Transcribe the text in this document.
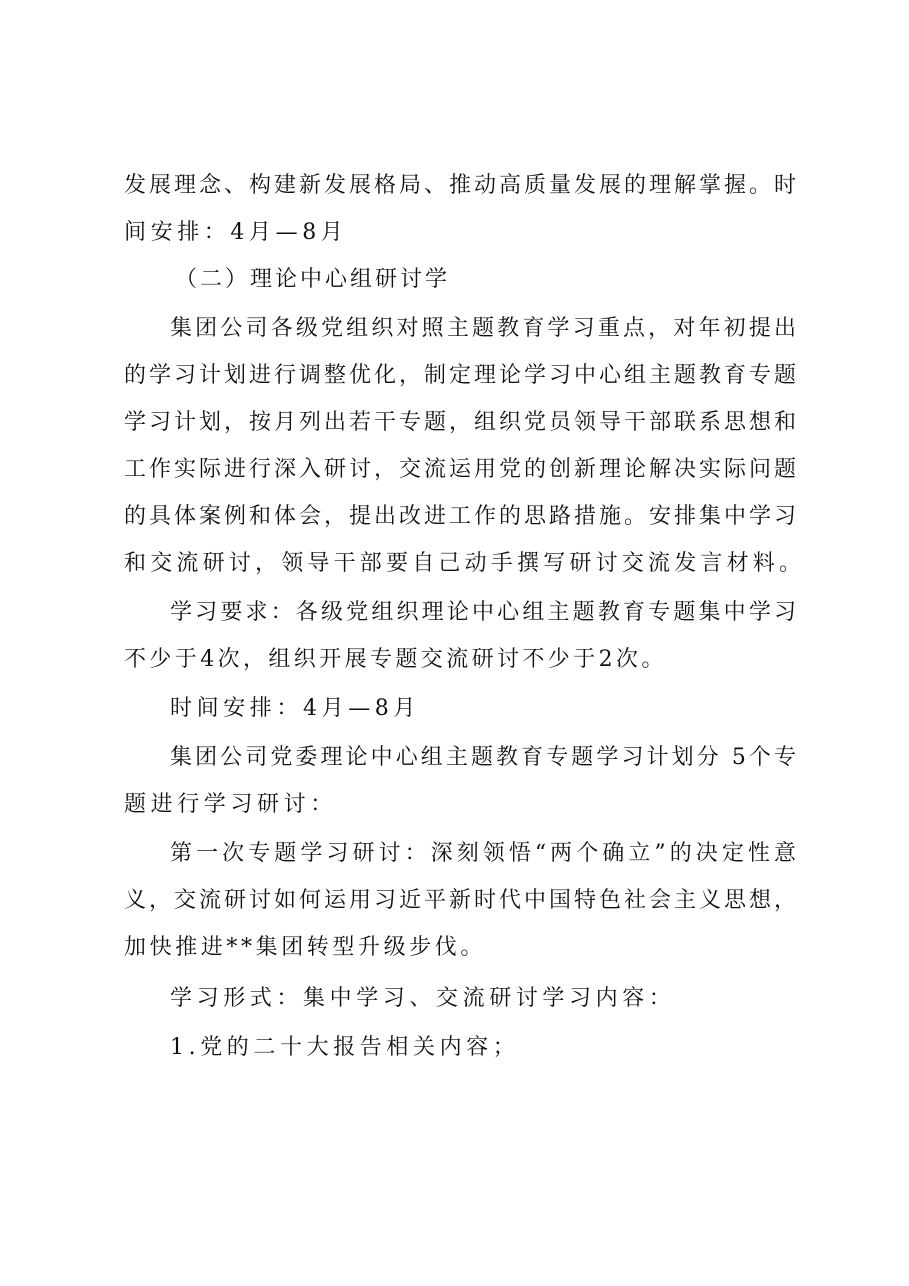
发展理念、构建新发展格局、推动高质量发展的理解掌握。时
间安排：4月—8月
（二）理论中心组研讨学
集团公司各级党组织对照主题教育学习重点，对年初提出
的学习计划进行调整优化，制定理论学习中心组主题教育专题
学习计划，按月列出若干专题，组织党员领导干部联系思想和
工作实际进行深入研讨，交流运用党的创新理论解决实际问题
的具体案例和体会，提出改进工作的思路措施。安排集中学习
和交流研讨，领导干部要自己动手撰写研讨交流发言材料。
学习要求：各级党组织理论中心组主题教育专题集中学习
不少于4次，组织开展专题交流研讨不少于2次。
时间安排：4月—8月
集团公司党委理论中心组主题教育专题学习计划分 5个专
题进行学习研讨：
第一次专题学习研讨：深刻领悟“两个确立”的决定性意
义，交流研讨如何运用习近平新时代中国特色社会主义思想，
加快推进**集团转型升级步伐。
学习形式：集中学习、交流研讨学习内容：
1.党的二十大报告相关内容；
